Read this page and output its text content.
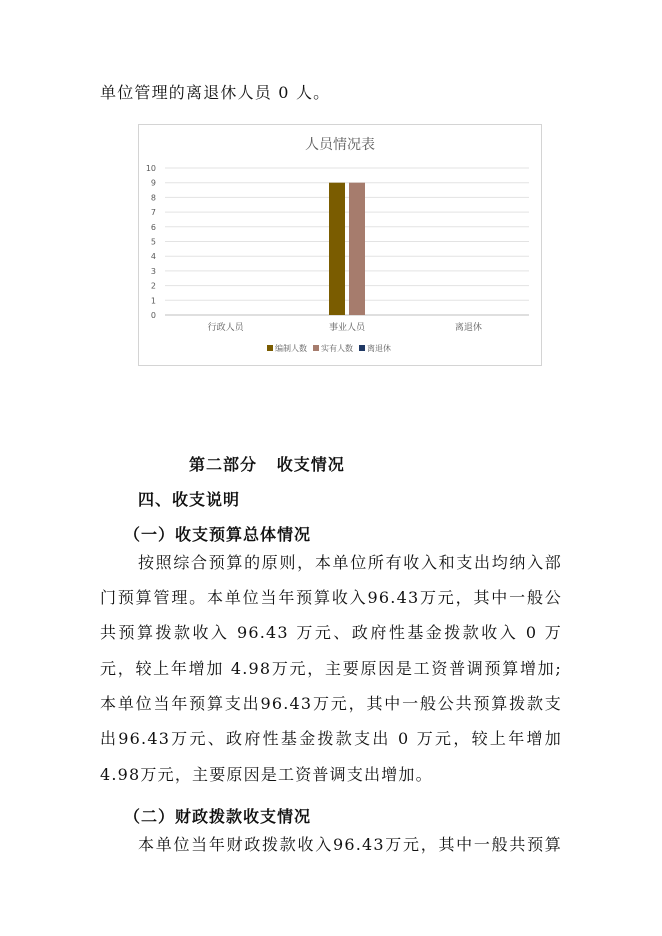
单位管理的离退休人员 0 人。
人员情况表
0
1
2
3
4
5
6
7
8
9
10
行政人员	事业人员	离退休
编制人数 实有人数 离退休
第二部分   收支情况
四、收支说明
（一）收支预算总体情况
按照综合预算的原则，本单位所有收入和支出均纳入部
门预算管理。本单位当年预算收入96.43万元，其中一般公
共预算拨款收入 96.43 万元、政府性基金拨款收入 0 万
元，较上年增加 4.98万元，主要原因是工资普调预算增加;
本单位当年预算支出96.43万元，其中一般公共预算拨款支
出96.43万元、政府性基金拨款支出 0 万元，较上年增加
4.98万元，主要原因是工资普调支出增加。
（二）财政拨款收支情况
本单位当年财政拨款收入96.43万元，其中一般共预算
